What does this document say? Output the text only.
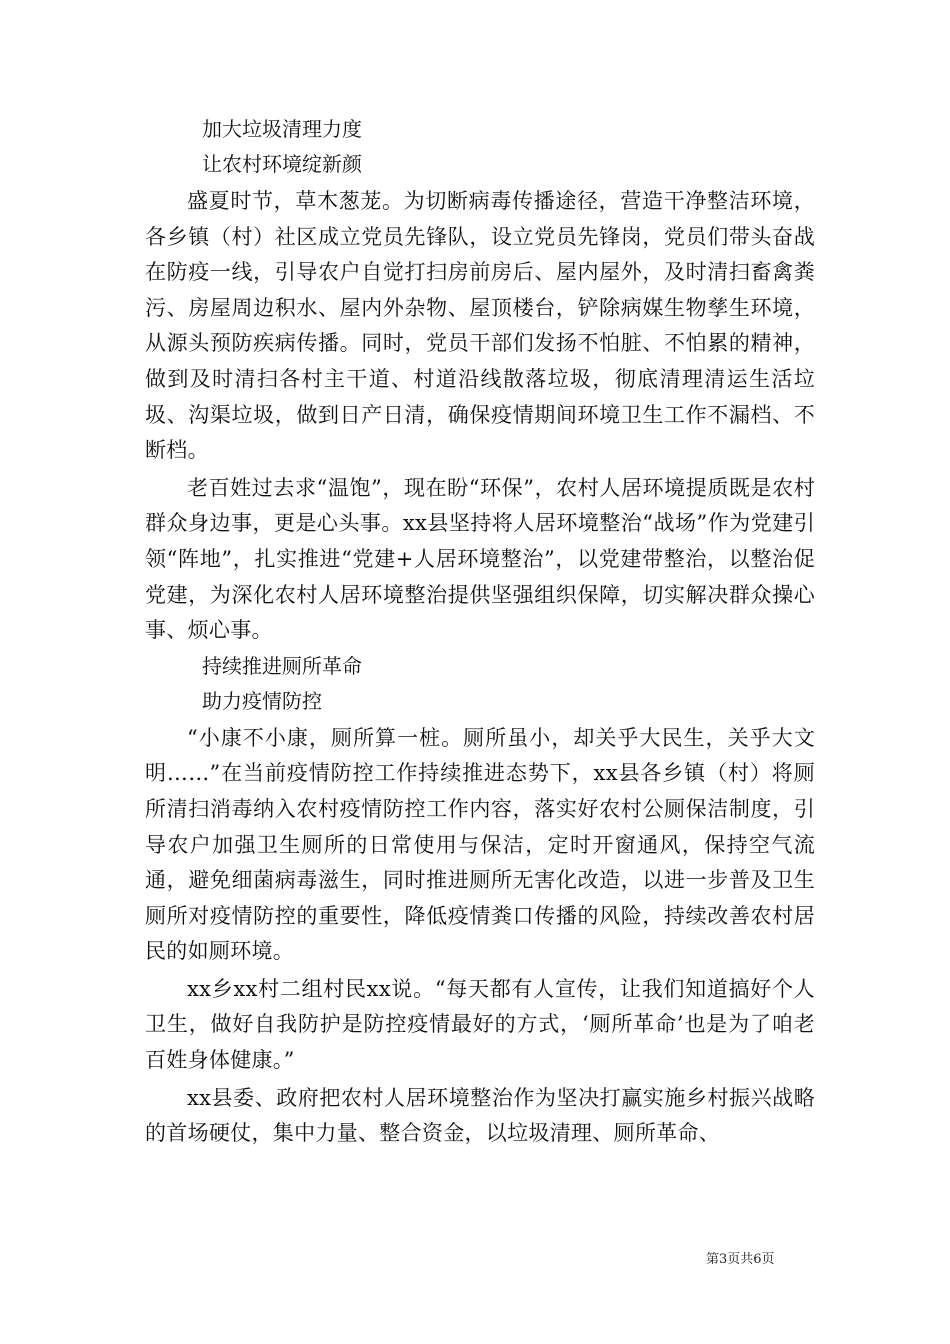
加大垃圾清理力度

让农村环境绽新颜

盛夏时节，草木葱茏。为切断病毒传播途径，营造干净整洁环境，各乡镇（村）社区成立党员先锋队，设立党员先锋岗，党员们带头奋战在防疫一线，引导农户自觉打扫房前房后、屋内屋外，及时清扫畜禽粪污、房屋周边积水、屋内外杂物、屋顶楼台，铲除病媒生物孳生环境，从源头预防疾病传播。同时，党员干部们发扬不怕脏、不怕累的精神，做到及时清扫各村主干道、村道沿线散落垃圾，彻底清理清运生活垃圾、沟渠垃圾，做到日产日清，确保疫情期间环境卫生工作不漏档、不断档。

老百姓过去求“温饱”，现在盼“环保”，农村人居环境提质既是农村群众身边事，更是心头事。xx县坚持将人居环境整治“战场”作为党建引领“阵地”，扎实推进“党建+人居环境整治”，以党建带整治，以整治促党建，为深化农村人居环境整治提供坚强组织保障，切实解决群众操心事、烦心事。

持续推进厕所革命

助力疫情防控

“小康不小康，厕所算一桩。厕所虽小，却关乎大民生，关乎大文明……”在当前疫情防控工作持续推进态势下，xx县各乡镇（村）将厕所清扫消毒纳入农村疫情防控工作内容，落实好农村公厕保洁制度，引导农户加强卫生厕所的日常使用与保洁，定时开窗通风，保持空气流通，避免细菌病毒滋生，同时推进厕所无害化改造，以进一步普及卫生厕所对疫情防控的重要性，降低疫情粪口传播的风险，持续改善农村居民的如厕环境。

xx乡xx村二组村民xx说。“每天都有人宣传，让我们知道搞好个人卫生，做好自我防护是防控疫情最好的方式，‘厕所革命’也是为了咱老百姓身体健康。”

xx县委、政府把农村人居环境整治作为坚决打赢实施乡村振兴战略的首场硬仗，集中力量、整合资金，以垃圾清理、厕所革命、

第3页共6页
